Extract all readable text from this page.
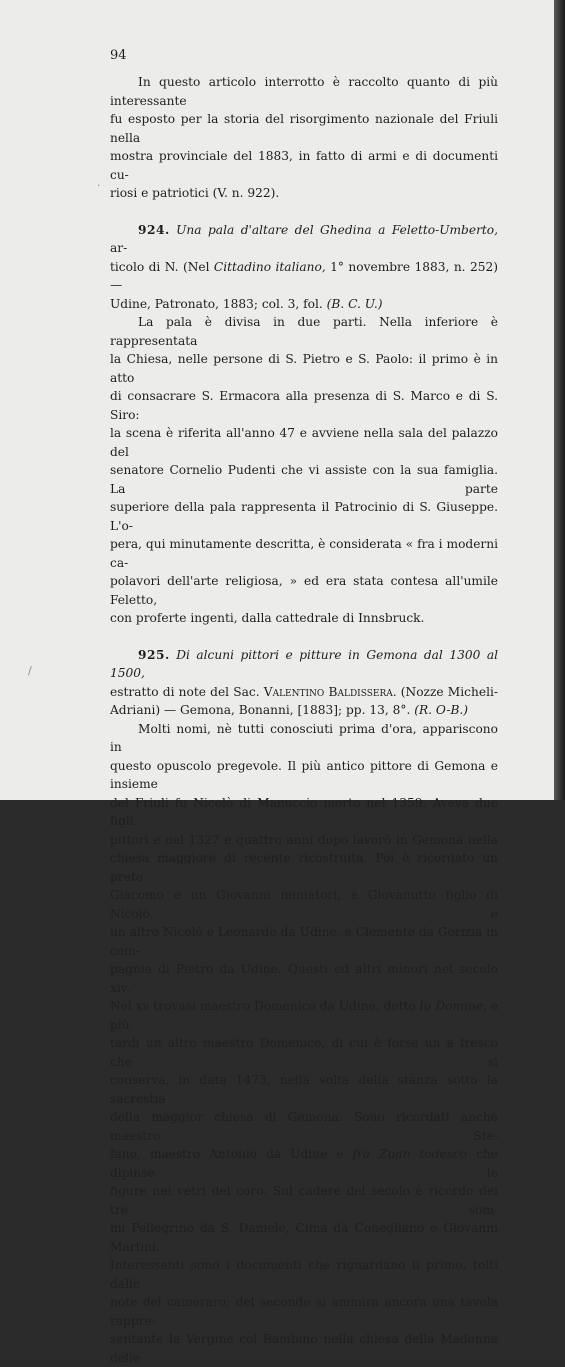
94

In questo articolo interrotto è raccolto quanto di più interessante

fu esposto per la storia del risorgimento nazionale del Friuli nella

mostra provinciale del 1883, in fatto di armi e di documenti cu-

riosi e patriotici (V. n. 922).

924. Una pala d'altare del Ghedina a Feletto-Umberto, ar-

ticolo di N. (Nel Cittadino italiano, 1° novembre 1883, n. 252) —

Udine, Patronato, 1883; col. 3, fol. (B. C. U.)

La pala è divisa in due parti. Nella inferiore è rappresentata

la Chiesa, nelle persone di S. Pietro e S. Paolo: il primo è in atto

di consacrare S. Ermacora alla presenza di S. Marco e di S. Siro:

la scena è riferita all'anno 47 e avviene nella sala del palazzo del

senatore Cornelio Pudenti che vi assiste con la sua famiglia. La parte

superiore della pala rappresenta il Patrocinio di S. Giuseppe. L'o-

pera, qui minutamente descritta, è considerata « fra i moderni ca-

polavori dell'arte religiosa, » ed era stata contesa all'umile Feletto,

con proferte ingenti, dalla cattedrale di Innsbruck.

925. Di alcuni pittori e pitture in Gemona dal 1300 al 1500,

estratto di note del Sac. Valentino Baldissera. (Nozze Micheli-

Adriani) — Gemona, Bonanni, [1883]; pp. 13, 8°. (R. O-B.)

Molti nomi, nè tutti conosciuti prima d'ora, appariscono in

questo opuscolo pregevole. Il più antico pittore di Gemona e insieme

del Friuli fu Nicolò di Manuccio morto nel 1359. Aveva due figli

pittori e nel 1327 e quattro anni dopo lavorò in Gemona nella

chiesa maggiore di recente ricostruita. Poi è ricordato un prete

Giacomo e un Giovanni miniatori, e Giovanutto figlio di Nicolò, e

un altro Nicolò e Leonardo da Udine, e Clemente da Gorizia in com-

pagnia di Pietro da Udine. Questi ed altri minori nel secolo xiv.

Nel xv trovasi maestro Domenico da Udine, detto lu Domine, e più

tardi un altro maestro Domenico, di cui è forse un a fresco che si

conserva, in data 1473, nella volta della stanza sotto la sacrestia

della maggior chiesa di Gemona. Sono ricordati anche maestro Ste-

fano, maestro Antonio da Udine e fra Zuan todesco che dipinse le

figure nei vetri del coro. Sul cadere del secolo è ricordo dei tre som-

mi Pellegrino da S. Daniele, Cima da Conegliano e Giovanni Martini.

Interessanti sono i documenti che riguardano il primo, tolti dalle

note del cameraro; del secondo si ammira ancora una tavola rappre-

sentante la Vergine col Bambino nella chiesa della Madonna delle

.
/
